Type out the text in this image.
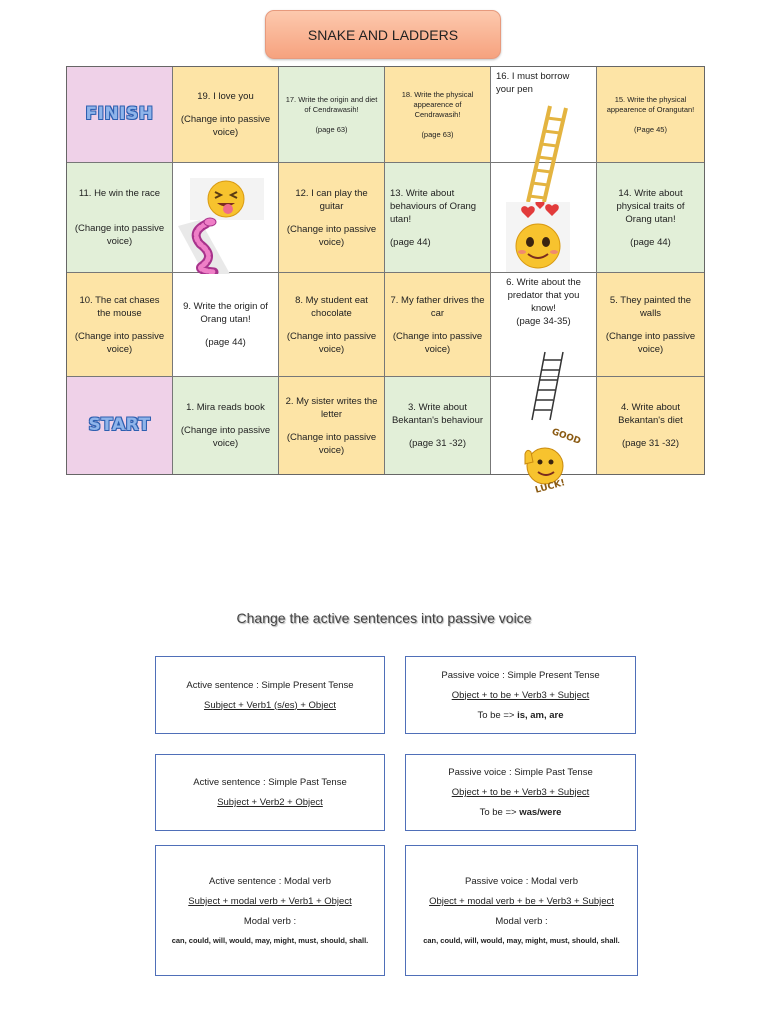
SNAKE AND LADDERS
FINISH
19. I love you
(Change into passive voice)
17. Write the origin and diet of Cendrawasih!
(page 63)
18. Write the physical appearence of Cendrawasih!
(page 63)
16. I must borrow your pen
15. Write the physical appearence of Orangutan!
(Page 45)
11. He win the race
(Change into passive voice)
12. I can play the guitar
(Change into passive voice)
13. Write about behaviours of Orang utan!
(page 44)
14. Write about physical traits of Orang utan!
(page 44)
10. The cat chases the mouse
(Change into passive voice)
9. Write the origin of Orang utan!
(page 44)
8. My student eat chocolate
(Change into passive voice)
7. My father drives the car
(Change into passive voice)
6. Write about the predator that you know!
(page 34-35)
5. They painted the walls
(Change into passive voice)
START
1. Mira reads book
(Change into passive voice)
2. My sister writes the letter
(Change into passive voice)
3. Write about Bekantan's behaviour
(page 31 -32)
4. Write about Bekantan's diet
(page 31 -32)
GOOD
LUCK!
Change the active sentences into passive voice
Active sentence : Simple Present Tense
Subject + Verb1 (s/es) + Object
Passive voice : Simple Present Tense
Object + to be + Verb3 + Subject
To be => is, am, are
Active sentence : Simple Past Tense
Subject + Verb2 + Object
Passive voice : Simple Past Tense
Object + to be + Verb3 + Subject
To be => was/were
Active sentence : Modal verb
Subject + modal verb + Verb1 + Object
Modal verb :
can, could, will, would, may, might, must, should, shall.
Passive voice : Modal verb
Object + modal verb + be + Verb3 + Subject
Modal verb :
can, could, will, would, may, might, must, should, shall.
